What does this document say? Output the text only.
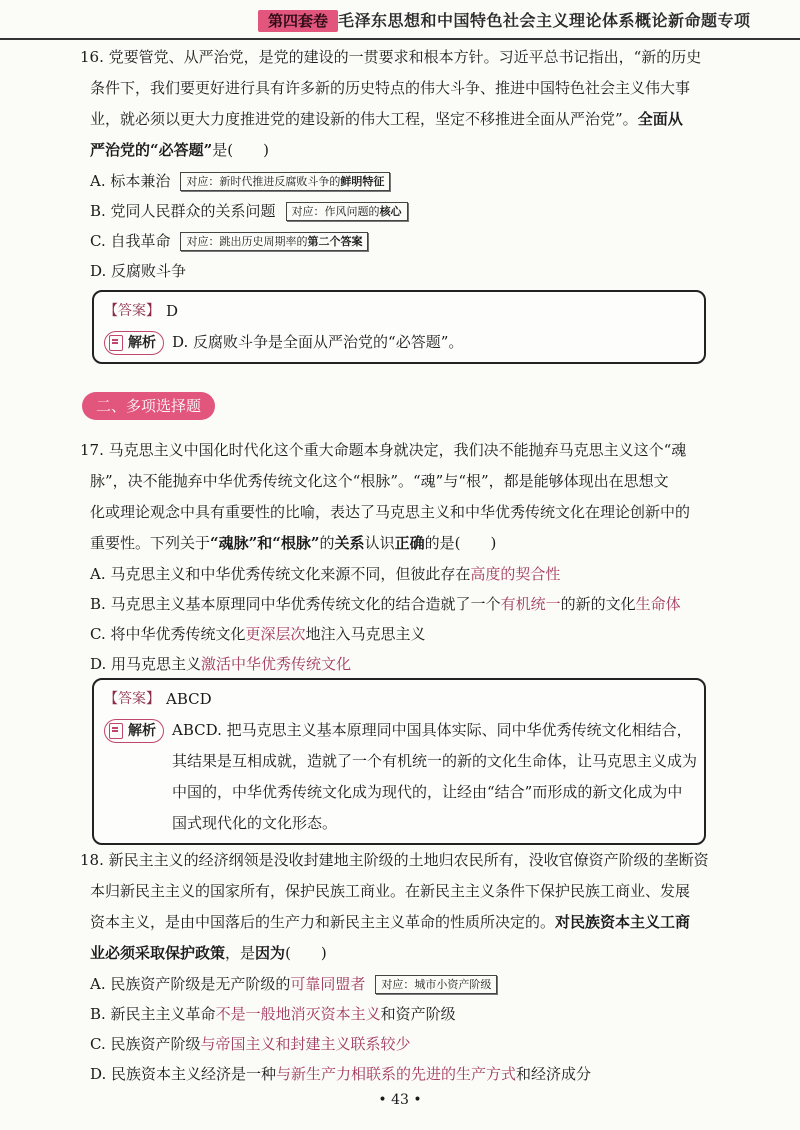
第四套卷 毛泽东思想和中国特色社会主义理论体系概论新命题专项

16. 党要管党、从严治党，是党的建设的一贯要求和根本方针。习近平总书记指出，“新的历史

条件下，我们要更好进行具有许多新的历史特点的伟大斗争、推进中国特色社会主义伟大事

业，就必须以更大力度推进党的建设新的伟大工程，坚定不移推进全面从严治党”。全面从

严治党的“必答题”是(　　)

A. 标本兼治	对应：新时代推进反腐败斗争的鲜明特征
B. 党同人民群众的关系问题	对应：作风问题的核心
C. 自我革命	对应：跳出历史周期率的第二个答案
D. 反腐败斗争
【答案】 D
解析 D. 反腐败斗争是全面从严治党的“必答题”。
二、多项选择题

17. 马克思主义中国化时代化这个重大命题本身就决定，我们决不能抛弃马克思主义这个“魂

脉”，决不能抛弃中华优秀传统文化这个“根脉”。“魂”与“根”，都是能够体现出在思想文

化或理论观念中具有重要性的比喻，表达了马克思主义和中华优秀传统文化在理论创新中的

重要性。下列关于“魂脉”和“根脉”的关系认识正确的是(　　)

A. 马克思主义和中华优秀传统文化来源不同，但彼此存在 高度的契合性
B. 马克思主义基本原理同中华优秀传统文化的结合造就了一个 有机统一 的新的文化 生命体
C. 将中华优秀传统文化 更深层次 地注入马克思主义
D. 用马克思主义 激活中华优秀传统文化
【答案】 ABCD
解析 ABCD. 把马克思主义基本原理同中国具体实际、同中华优秀传统文化相结合，
其结果是互相成就，造就了一个有机统一的新的文化生命体，让马克思主义成为
中国的，中华优秀传统文化成为现代的，让经由“结合”而形成的新文化成为中
国式现代化的文化形态。

18. 新民主主义的经济纲领是没收封建地主阶级的土地归农民所有，没收官僚资产阶级的垄断资

本归新民主主义的国家所有，保护民族工商业。在新民主主义条件下保护民族工商业、发展

资本主义，是由中国落后的生产力和新民主主义革命的性质所决定的。对民族资本主义工商

业必须采取保护政策，是因为(　　)

A. 民族资产阶级是无产阶级的 可靠同盟者	对应：城市小资产阶级
B. 新民主主义革命 不是一般地消灭资本主义 和资产阶级
C. 民族资产阶级 与帝国主义和封建主义联系较少
D. 民族资本主义经济是一种 与新生产力相联系的先进的生产方式 和经济成分
• 43 •
